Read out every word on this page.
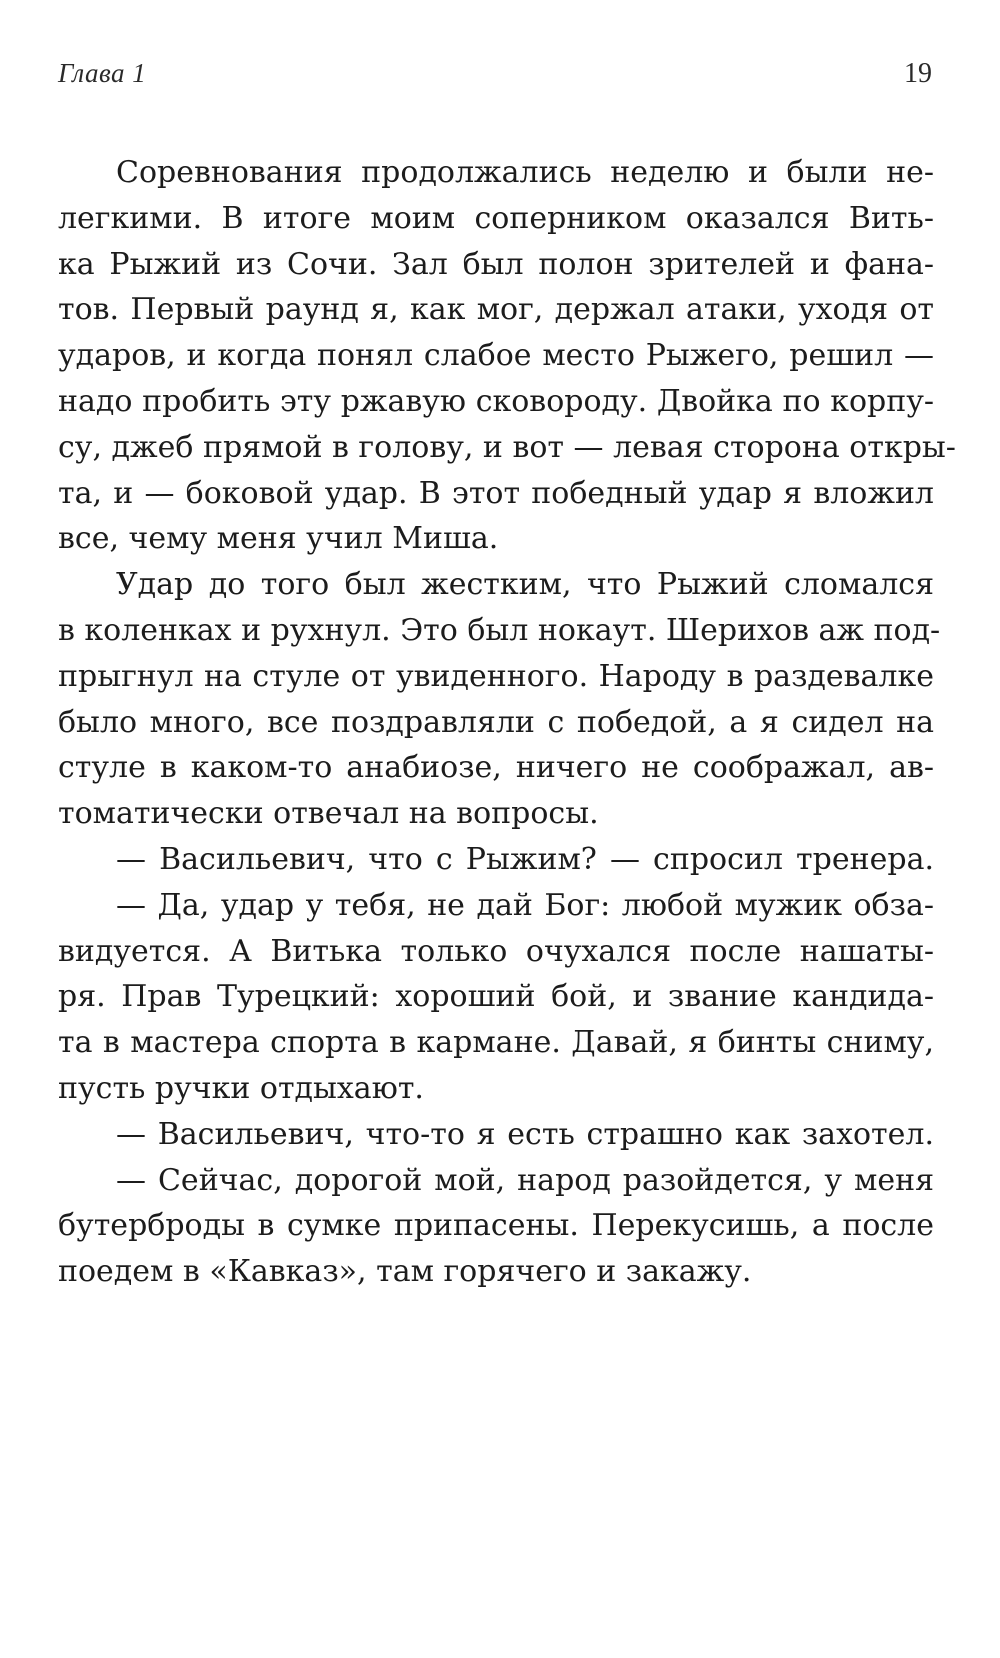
Глава 1	19
Соревнования продолжались неделю и были не-
легкими. В итоге моим соперником оказался Вить-
ка Рыжий из Сочи. Зал был полон зрителей и фана-
тов. Первый раунд я, как мог, держал атаки, уходя от
ударов, и когда понял слабое место Рыжего, решил —
надо пробить эту ржавую сковороду. Двойка по корпу-
су, джеб прямой в голову, и вот — левая сторона откры-
та, и — боковой удар. В этот победный удар я вложил
все, чему меня учил Миша.
Удар до того был жестким, что Рыжий сломался
в коленках и рухнул. Это был нокаут. Шерихов аж под-
прыгнул на стуле от увиденного. Народу в раздевалке
было много, все поздравляли с победой, а я сидел на
стуле в каком-то анабиозе, ничего не соображал, ав-
томатически отвечал на вопросы.
— Васильевич, что с Рыжим? — спросил тренера.
— Да, удар у тебя, не дай Бог: любой мужик обза-
видуется. А Витька только очухался после нашаты-
ря. Прав Турецкий: хороший бой, и звание кандида-
та в мастера спорта в кармане. Давай, я бинты сниму,
пусть ручки отдыхают.
— Васильевич, что-то я есть страшно как захотел.
— Сейчас, дорогой мой, народ разойдется, у меня
бутерброды в сумке припасены. Перекусишь, а после
поедем в «Кавказ», там горячего и закажу.
